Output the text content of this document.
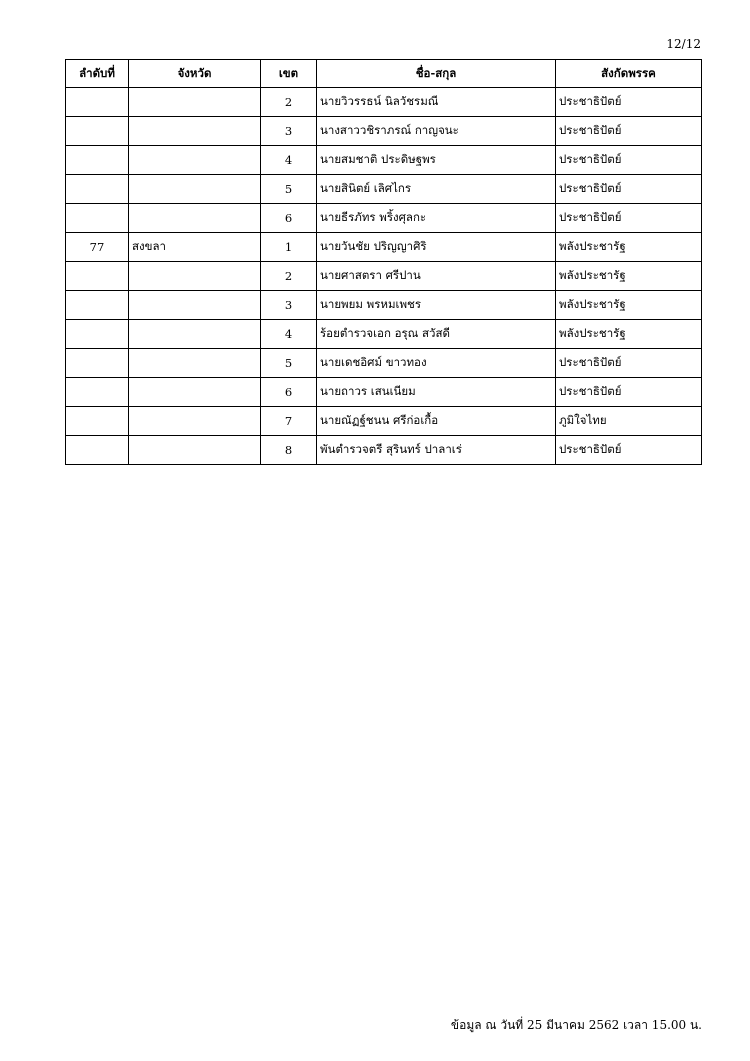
12/12
ลำดับที่	จังหวัด	เขต	ชื่อ-สกุล	สังกัดพรรค
		2	นายวิวรรธน์ นิลวัชรมณี	ประชาธิปัตย์
		3	นางสาววชิราภรณ์ กาญจนะ	ประชาธิปัตย์
		4	นายสมชาติ ประดิษฐพร	ประชาธิปัตย์
		5	นายสินิตย์ เลิศไกร	ประชาธิปัตย์
		6	นายธีรภัทร พริ้งศุลกะ	ประชาธิปัตย์
77	สงขลา	1	นายวันชัย ปริญญาศิริ	พลังประชารัฐ
		2	นายศาสตรา ศรีปาน	พลังประชารัฐ
		3	นายพยม พรหมเพชร	พลังประชารัฐ
		4	ร้อยตำรวจเอก อรุณ สวัสดี	พลังประชารัฐ
		5	นายเดชอิศม์ ขาวทอง	ประชาธิปัตย์
		6	นายถาวร เสนเนียม	ประชาธิปัตย์
		7	นายณัฏฐ์ชนน ศรีก่อเกื้อ	ภูมิใจไทย
		8	พันตำรวจตรี สุรินทร์ ปาลาเร่	ประชาธิปัตย์
ข้อมูล ณ วันที่ 25 มีนาคม 2562 เวลา 15.00 น.
